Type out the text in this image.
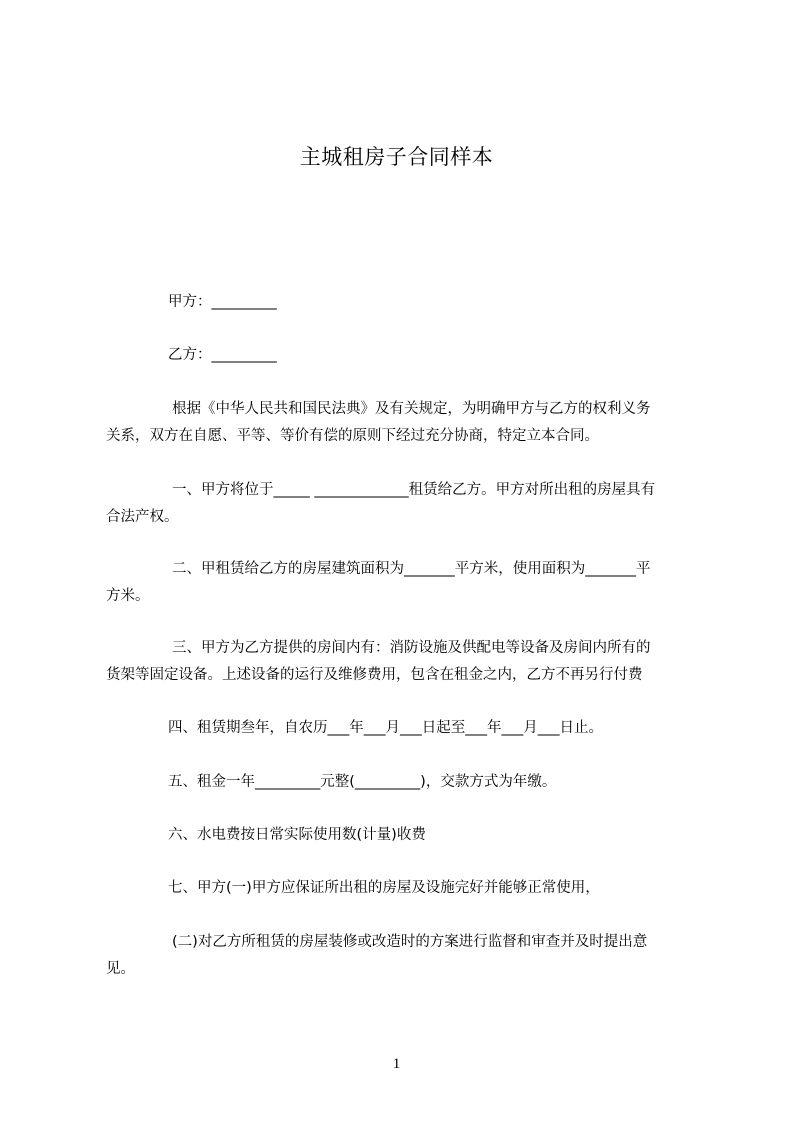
主城租房子合同样本
甲方：_________
乙方：_________
根据《中华人民共和国民法典》及有关规定，为明确甲方与乙方的权利义务
关系，双方在自愿、平等、等价有偿的原则下经过充分协商，特定立本合同。
一、甲方将位于_____ _____________租赁给乙方。甲方对所出租的房屋具有
合法产权。
二、甲租赁给乙方的房屋建筑面积为_______平方米，使用面积为_______平
方米。
三、甲方为乙方提供的房间内有：消防设施及供配电等设备及房间内所有的
货架等固定设备。上述设备的运行及维修费用，包含在租金之内，乙方不再另行付费
四、租赁期叁年，自农历___年___月___日起至___年___月___日止。
五、租金一年_________元整(_________)，交款方式为年缴。
六、水电费按日常实际使用数(计量)收费
七、甲方(一)甲方应保证所出租的房屋及设施完好并能够正常使用，
(二)对乙方所租赁的房屋装修或改造时的方案进行监督和审查并及时提出意
见。
1
